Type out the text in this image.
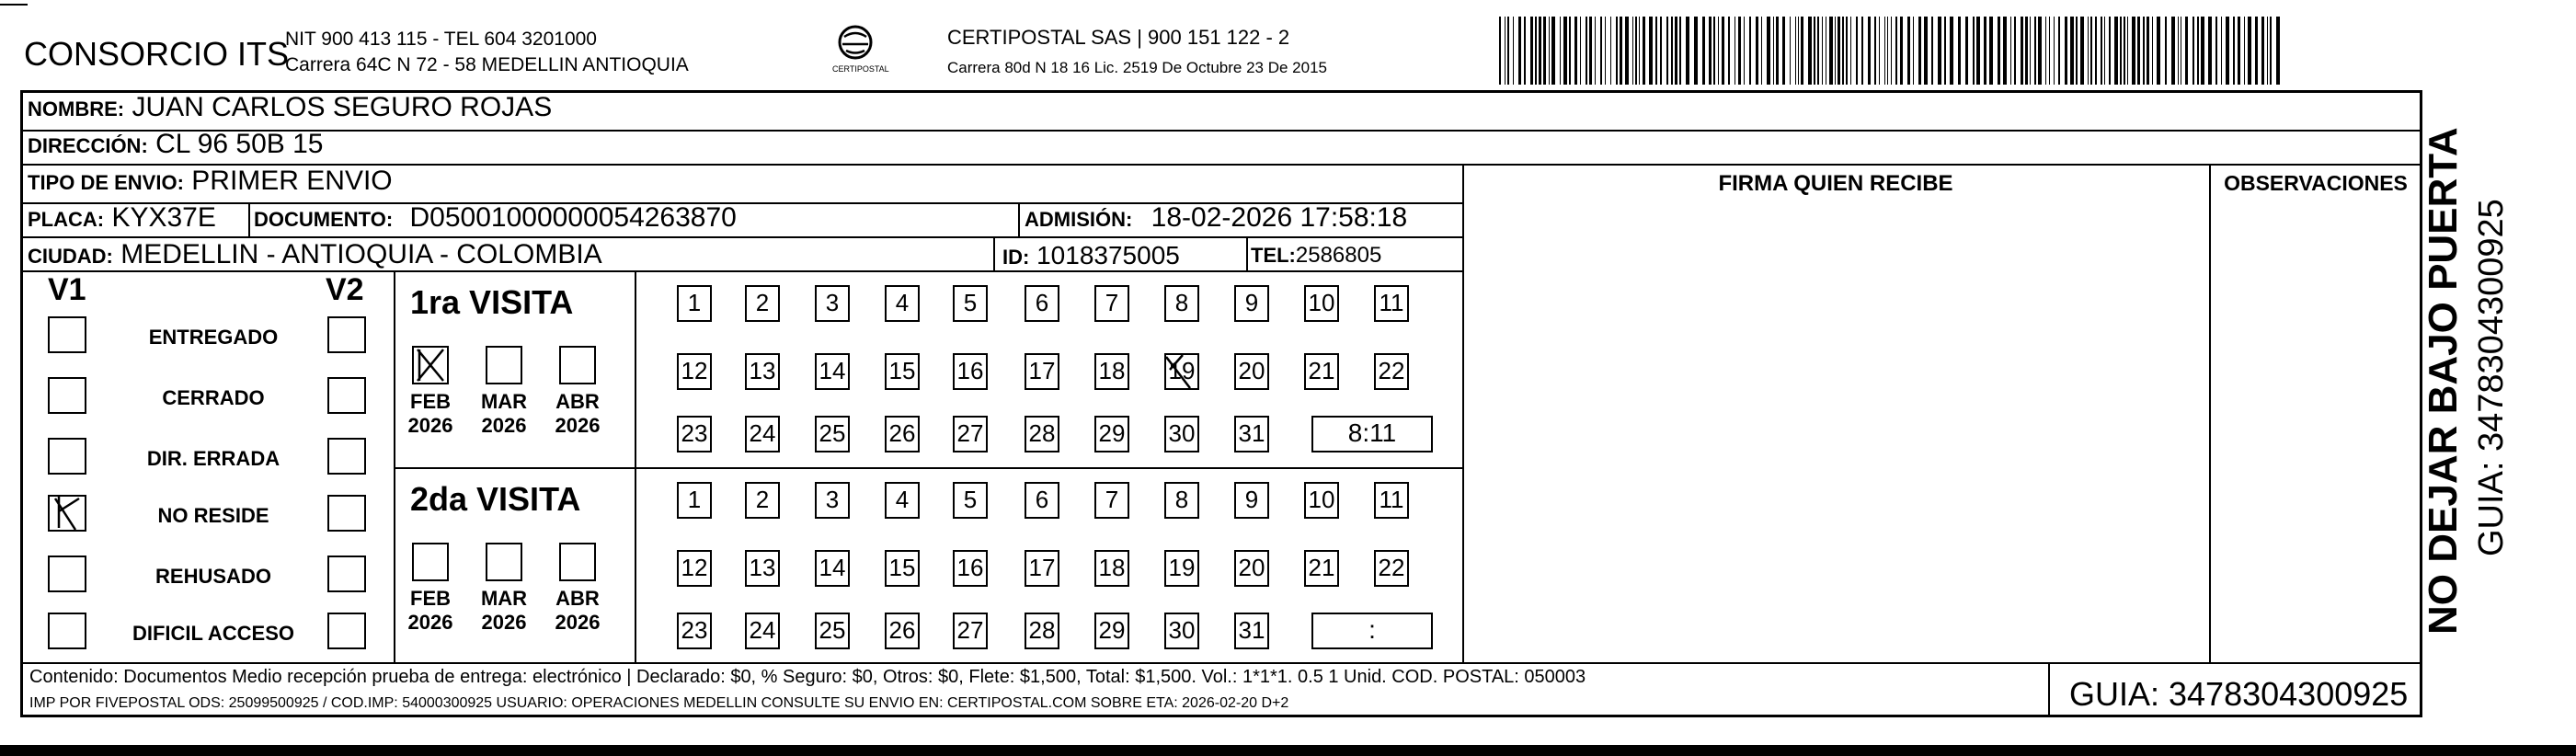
CONSORCIO ITS
NIT 900 413 115 - TEL 604 3201000
Carrera 64C N 72 - 58 MEDELLIN ANTIOQUIA	CERTIPOSTAL
CERTIPOSTAL SAS | 900 151 122 - 2
Carrera 80d N 18 16 Lic. 2519 De Octubre 23 De 2015
NOMBRE: JUAN CARLOS SEGURO ROJAS
DIRECCIÓN: CL 96 50B 15
TIPO DE ENVIO: PRIMER ENVIO
PLACA: KYX37E DOCUMENTO: D05001000000054263870	ADMISIÓN: 18-02-2026 17:58:18
CIUDAD: MEDELLIN - ANTIOQUIA - COLOMBIA	ID: 1018375005	TEL:2586805
FIRMA QUIEN RECIBE	OBSERVACIONES
V1	V2
ENTREGADO
CERRADO
DIR. ERRADA
NO RESIDE
REHUSADO
DIFICIL ACCESO
1ra VISITA
FEB
2026
MAR
2026
ABR
2026
1	2	3	4	5	6	7	8	9	10 11
12 13 14 15 16 17 18 19 20 21 22
23 24 25 26 27 28 29 30 31	8:11
2da VISITA
FEB
2026
MAR
2026
ABR
2026
1	2	3	4	5	6	7	8	9	10 11
12 13 14 15 16 17 18 19 20 21 22
23 24 25 26 27 28 29 30 31	:
Contenido: Documentos Medio recepción prueba de entrega: electrónico | Declarado: $0, % Seguro: $0, Otros: $0, Flete: $1,500, Total: $1,500. Vol.: 1*1*1. 0.5 1 Unid. COD. POSTAL: 050003
IMP POR FIVEPOSTAL ODS: 25099500925 / COD.IMP: 54000300925 USUARIO: OPERACIONES MEDELLIN CONSULTE SU ENVIO EN: CERTIPOSTAL.COM SOBRE ETA: 2026-02-20 D+2	GUIA: 3478304300925
NO DEJAR BAJO PUERTA GUIA: 3478304300925
